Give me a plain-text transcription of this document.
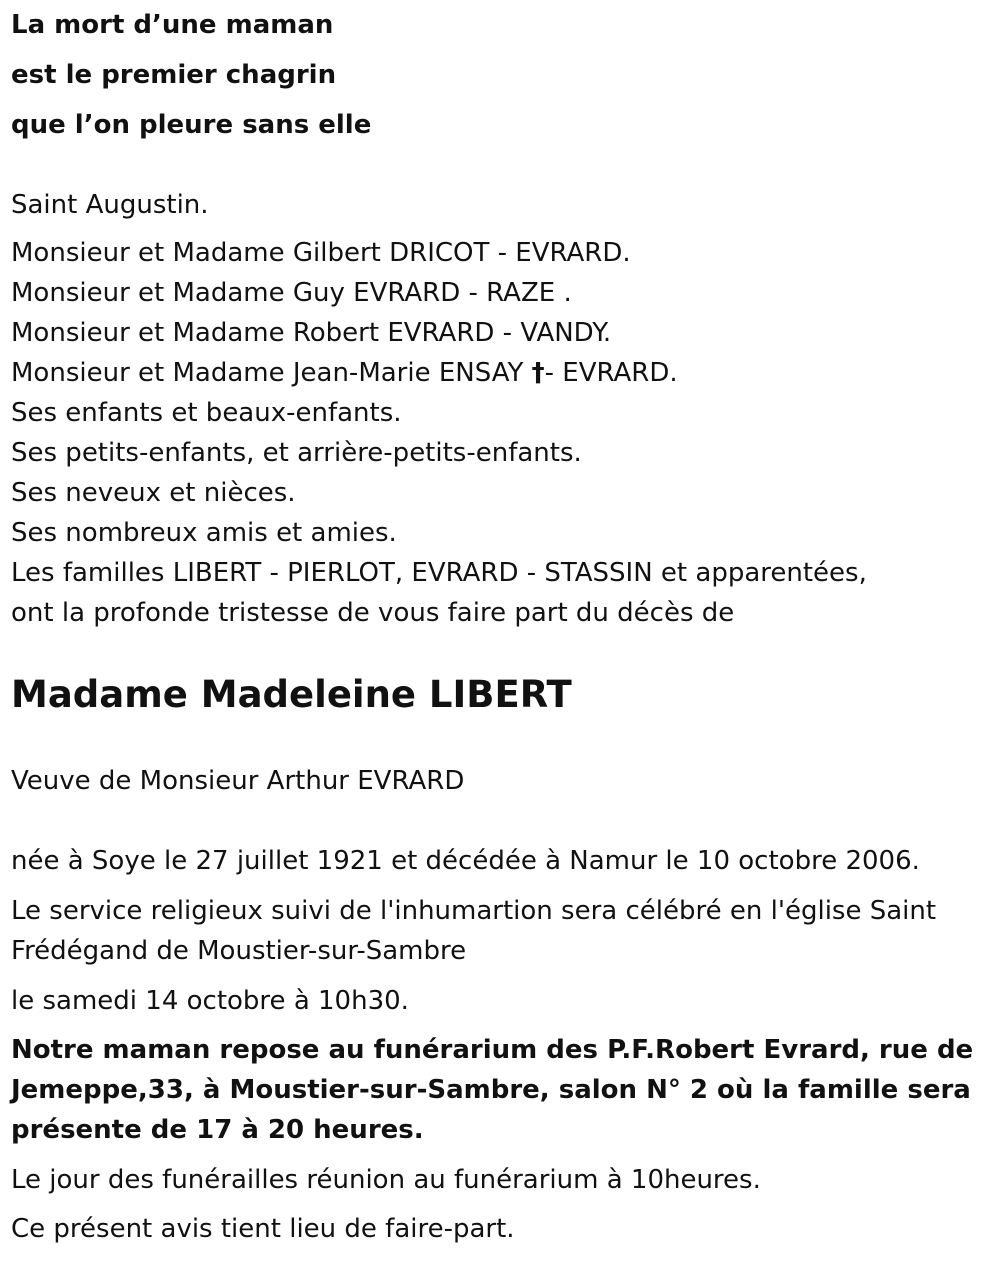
La mort d’une maman
est le premier chagrin
que l’on pleure sans elle
Saint Augustin.
Monsieur et Madame Gilbert DRICOT - EVRARD.
Monsieur et Madame Guy EVRARD - RAZE .
Monsieur et Madame Robert EVRARD - VANDY.
Monsieur et Madame Jean-Marie ENSAY †- EVRARD.
Ses enfants et beaux-enfants.
Ses petits-enfants, et arrière-petits-enfants.
Ses neveux et nièces.
Ses nombreux amis et amies.
Les familles LIBERT - PIERLOT, EVRARD - STASSIN et apparentées,
ont la profonde tristesse de vous faire part du décès de
Madame Madeleine LIBERT
Veuve de Monsieur Arthur EVRARD
née à Soye le 27 juillet 1921 et décédée à Namur le 10 octobre 2006.
Le service religieux suivi de l'inhumartion sera célébré en l'église Saint
Frédégand de Moustier-sur-Sambre
le samedi 14 octobre à 10h30.
Notre maman repose au funérarium des P.F.Robert Evrard, rue de
Jemeppe,33, à Moustier-sur-Sambre, salon N° 2 où la famille sera
présente de 17 à 20 heures.
Le jour des funérailles réunion au funérarium à 10heures.
Ce présent avis tient lieu de faire-part.
